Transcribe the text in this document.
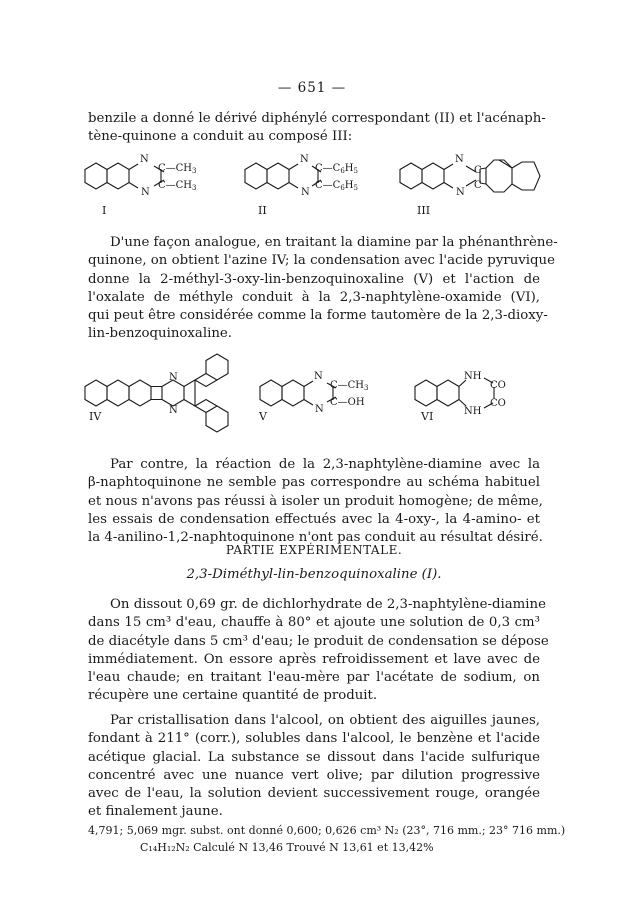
— 651 —
benzile a donné le dérivé diphénylé correspondant (II) et l'acénaph-
tène-quinone a conduit au composé III:
N
N
$C—CH_3$
$C—CH_3$
N
N
$C—C_6H_5$
$C—C_6H_5$
N
N
C
C
I	II	III
D'une façon analogue, en traitant la diamine par la phénanthrène-
quinone, on obtient l'azine IV; la condensation avec l'acide pyruvique
donne la 2-méthyl-3-oxy-lin-benzoquinoxaline (V) et l'action de
l'oxalate de méthyle conduit à la 2,3-naphtylène-oxamide (VI),
qui peut être considérée comme la forme tautomère de la 2,3-dioxy-
lin-benzoquinoxaline.
N
N
N
N
$C—CH_3$
C—OH
NH
NH
CO
CO
IV	V	VI
Par contre, la réaction de la 2,3-naphtylène-diamine avec la
β-naphtoquinone ne semble pas correspondre au schéma habituel
et nous n'avons pas réussi à isoler un produit homogène; de même,
les essais de condensation effectués avec la 4-oxy-, la 4-amino- et
la 4-anilino-1,2-naphtoquinone n'ont pas conduit au résultat désiré.
PARTIE EXPÉRIMENTALE.
2,3-Diméthyl-lin-benzoquinoxaline (I).
On dissout 0,69 gr. de dichlorhydrate de 2,3-naphtylène-diamine
dans 15 cm³ d'eau, chauffe à 80° et ajoute une solution de 0,3 cm³
de diacétyle dans 5 cm³ d'eau; le produit de condensation se dépose
immédiatement. On essore après refroidissement et lave avec de
l'eau chaude; en traitant l'eau-mère par l'acétate de sodium, on
récupère une certaine quantité de produit.
Par cristallisation dans l'alcool, on obtient des aiguilles jaunes,
fondant à 211° (corr.), solubles dans l'alcool, le benzène et l'acide
acétique glacial. La substance se dissout dans l'acide sulfurique
concentré avec une nuance vert olive; par dilution progressive
avec de l'eau, la solution devient successivement rouge, orangée
et finalement jaune.
4,791; 5,069 mgr. subst. ont donné 0,600; 0,626 cm³ N₂ (23°, 716 mm.; 23° 716 mm.)
C₁₄H₁₂N₂ Calculé N 13,46 Trouvé N 13,61 et 13,42%
